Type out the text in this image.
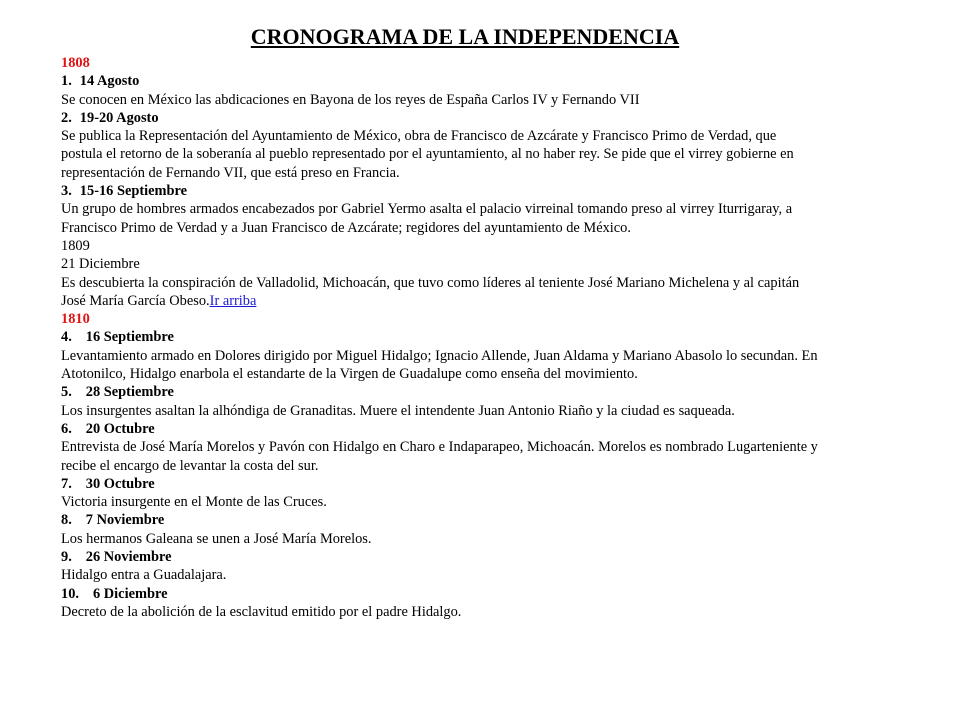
CRONOGRAMA DE LA INDEPENDENCIA
1808
1. 14 Agosto
Se conocen en México las abdicaciones en Bayona de los reyes de España Carlos IV y Fernando VII
2. 19-20 Agosto
Se publica la Representación del Ayuntamiento de México, obra de Francisco de Azcárate y Francisco Primo de Verdad, que
postula el retorno de la soberanía al pueblo representado por el ayuntamiento, al no haber rey. Se pide que el virrey gobierne en
representación de Fernando VII, que está preso en Francia.
3. 15-16 Septiembre
Un grupo de hombres armados encabezados por Gabriel Yermo asalta el palacio virreinal tomando preso al virrey Iturrigaray, a
Francisco Primo de Verdad y a Juan Francisco de Azcárate; regidores del ayuntamiento de México.
1809
21 Diciembre
Es descubierta la conspiración de Valladolid, Michoacán, que tuvo como líderes al teniente José Mariano Michelena y al capitán
José María García Obeso.Ir arriba
1810
4. 16 Septiembre
Levantamiento armado en Dolores dirigido por Miguel Hidalgo; Ignacio Allende, Juan Aldama y Mariano Abasolo lo secundan. En
Atotonilco, Hidalgo enarbola el estandarte de la Virgen de Guadalupe como enseña del movimiento.
5. 28 Septiembre
Los insurgentes asaltan la alhóndiga de Granaditas. Muere el intendente Juan Antonio Riaño y la ciudad es saqueada.
6. 20 Octubre
Entrevista de José María Morelos y Pavón con Hidalgo en Charo e Indaparapeo, Michoacán. Morelos es nombrado Lugarteniente y
recibe el encargo de levantar la costa del sur.
7. 30 Octubre
Victoria insurgente en el Monte de las Cruces.
8. 7 Noviembre
Los hermanos Galeana se unen a José María Morelos.
9. 26 Noviembre
Hidalgo entra a Guadalajara.
10. 6 Diciembre
Decreto de la abolición de la esclavitud emitido por el padre Hidalgo.
